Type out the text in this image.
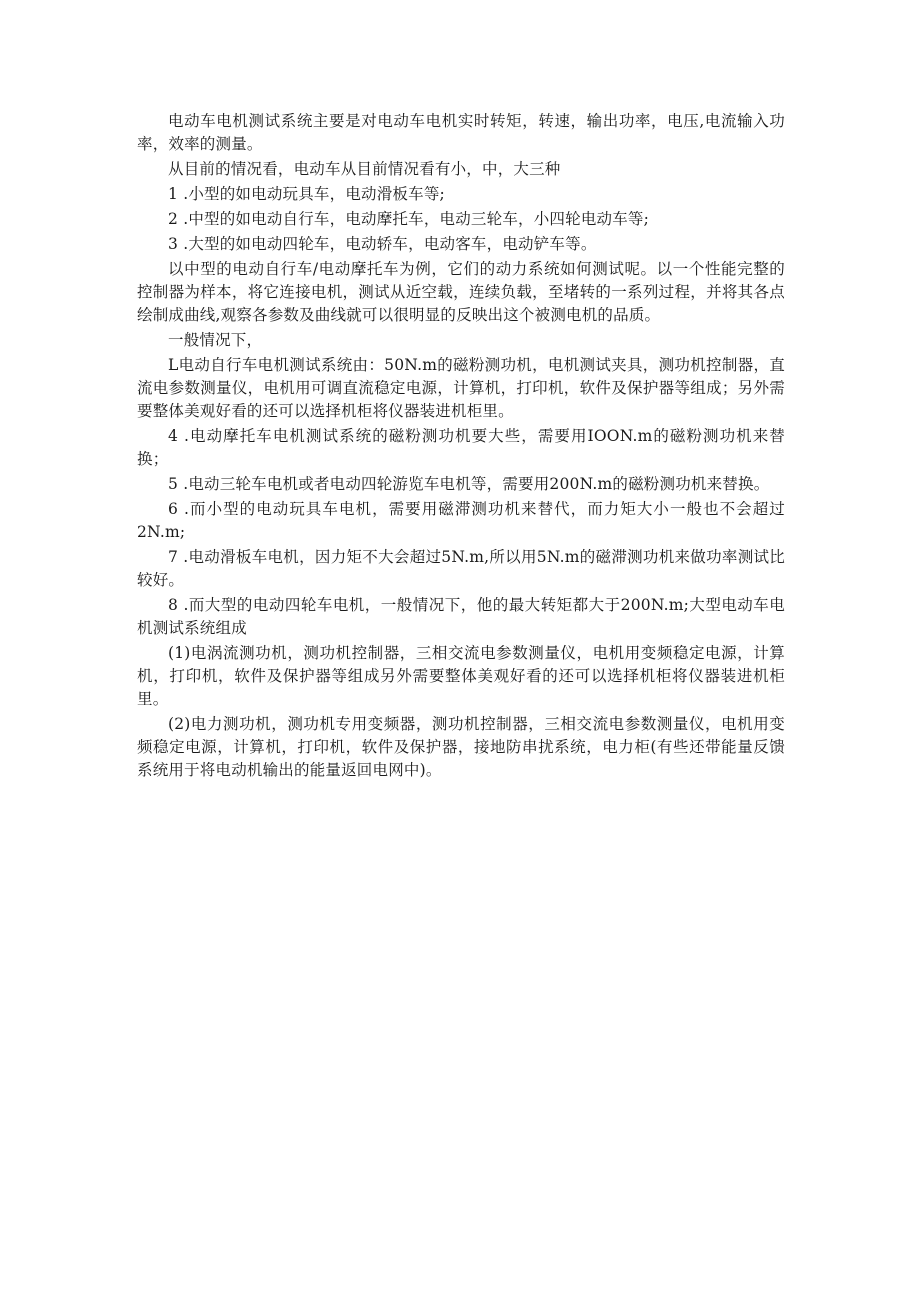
电动车电机测试系统主要是对电动车电机实时转矩，转速，输出功率，电压,电流输入功率，效率的测量。

从目前的情况看，电动车从目前情况看有小，中，大三种

1 .小型的如电动玩具车，电动滑板车等;

2 .中型的如电动自行车，电动摩托车，电动三轮车，小四轮电动车等;

3 .大型的如电动四轮车，电动轿车，电动客车，电动铲车等。

以中型的电动自行车/电动摩托车为例，它们的动力系统如何测试呢。以一个性能完整的控制器为样本，将它连接电机，测试从近空载，连续负载，至堵转的一系列过程，并将其各点绘制成曲线,观察各参数及曲线就可以很明显的反映出这个被测电机的品质。

一般情况下，

L电动自行车电机测试系统由：50N.m的磁粉测功机，电机测试夹具，测功机控制器，直流电参数测量仪，电机用可调直流稳定电源，计算机，打印机，软件及保护器等组成；另外需要整体美观好看的还可以选择机柜将仪器装进机柜里。

4 .电动摩托车电机测试系统的磁粉测功机要大些，需要用IOON.m的磁粉测功机来替换；

5 .电动三轮车电机或者电动四轮游览车电机等，需要用200N.m的磁粉测功机来替换。

6 .而小型的电动玩具车电机，需要用磁滞测功机来替代，而力矩大小一般也不会超过2N.m;

7 .电动滑板车电机，因力矩不大会超过5N.m,所以用5N.m的磁滞测功机来做功率测试比较好。

8 .而大型的电动四轮车电机，一般情况下，他的最大转矩都大于200N.m;大型电动车电机测试系统组成

(1)电涡流测功机，测功机控制器，三相交流电参数测量仪，电机用变频稳定电源，计算机，打印机，软件及保护器等组成另外需要整体美观好看的还可以选择机柜将仪器装进机柜里。

(2)电力测功机，测功机专用变频器，测功机控制器，三相交流电参数测量仪，电机用变频稳定电源，计算机，打印机，软件及保护器，接地防串扰系统，电力柜(有些还带能量反馈系统用于将电动机输出的能量返回电网中)。
